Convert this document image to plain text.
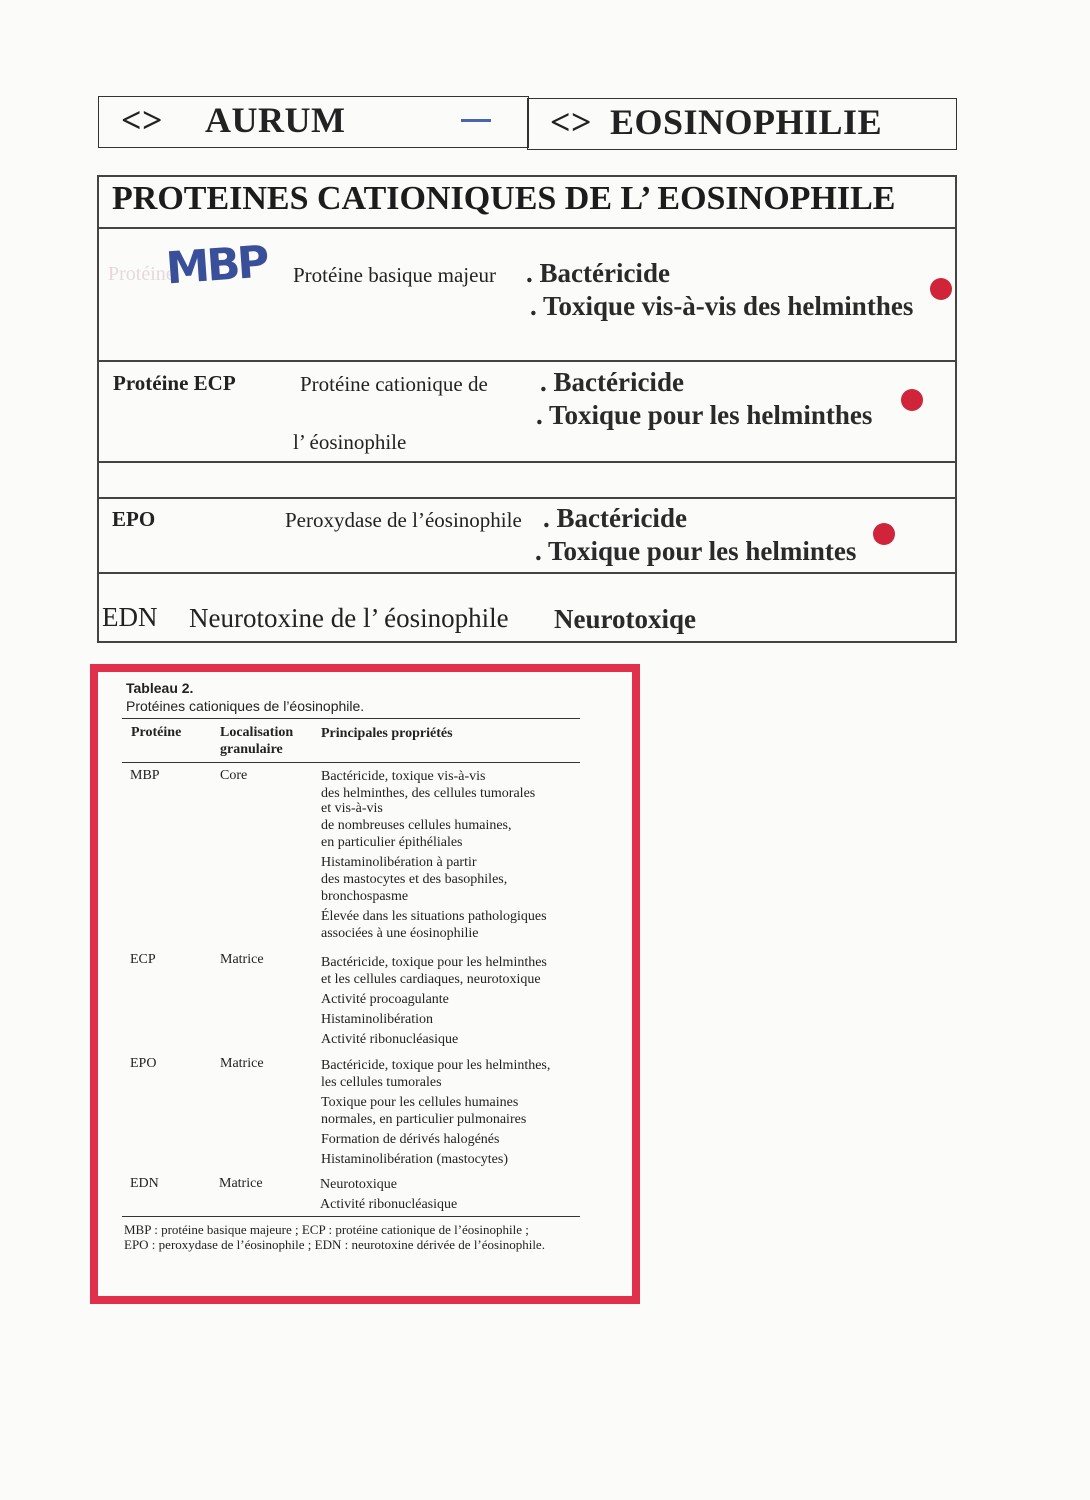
<> AURUM	<> EOSINOPHILIE
PROTEINES CATIONIQUES DE L’ EOSINOPHILE
Protéine
MBP Protéine basique majeur . Bactéricide
. Toxique vis-à-vis des helminthes
Protéine ECP	Protéine cationique de
l’ éosinophile
. Bactéricide
. Toxique pour les helminthes
EPO	Peroxydase de l’éosinophile . Bactéricide
. Toxique pour les helmintes
EDN Neurotoxine de l’ éosinophile Neurotoxiqe
Tableau 2.
Protéines cationiques de l’éosinophile.
Protéine	Localisation
granulaire
Principales propriétés
MBP	Core	Bactéricide, toxique vis-à-vis
des helminthes, des cellules tumorales
et vis-à-vis
de nombreuses cellules humaines,
en particulier épithéliales
Histaminolibération à partir
des mastocytes et des basophiles,
bronchospasme
Élevée dans les situations pathologiques
associées à une éosinophilie
ECP	Matrice	Bactéricide, toxique pour les helminthes
et les cellules cardiaques, neurotoxique
Activité procoagulante
Histaminolibération
Activité ribonucléasique
EPO	Matrice	Bactéricide, toxique pour les helminthes,
les cellules tumorales
Toxique pour les cellules humaines
normales, en particulier pulmonaires
Formation de dérivés halogénés
Histaminolibération (mastocytes)
EDN	Matrice	Neurotoxique
Activité ribonucléasique
MBP : protéine basique majeure ; ECP : protéine cationique de l’éosinophile ;
EPO : peroxydase de l’éosinophile ; EDN : neurotoxine dérivée de l’éosinophile.
